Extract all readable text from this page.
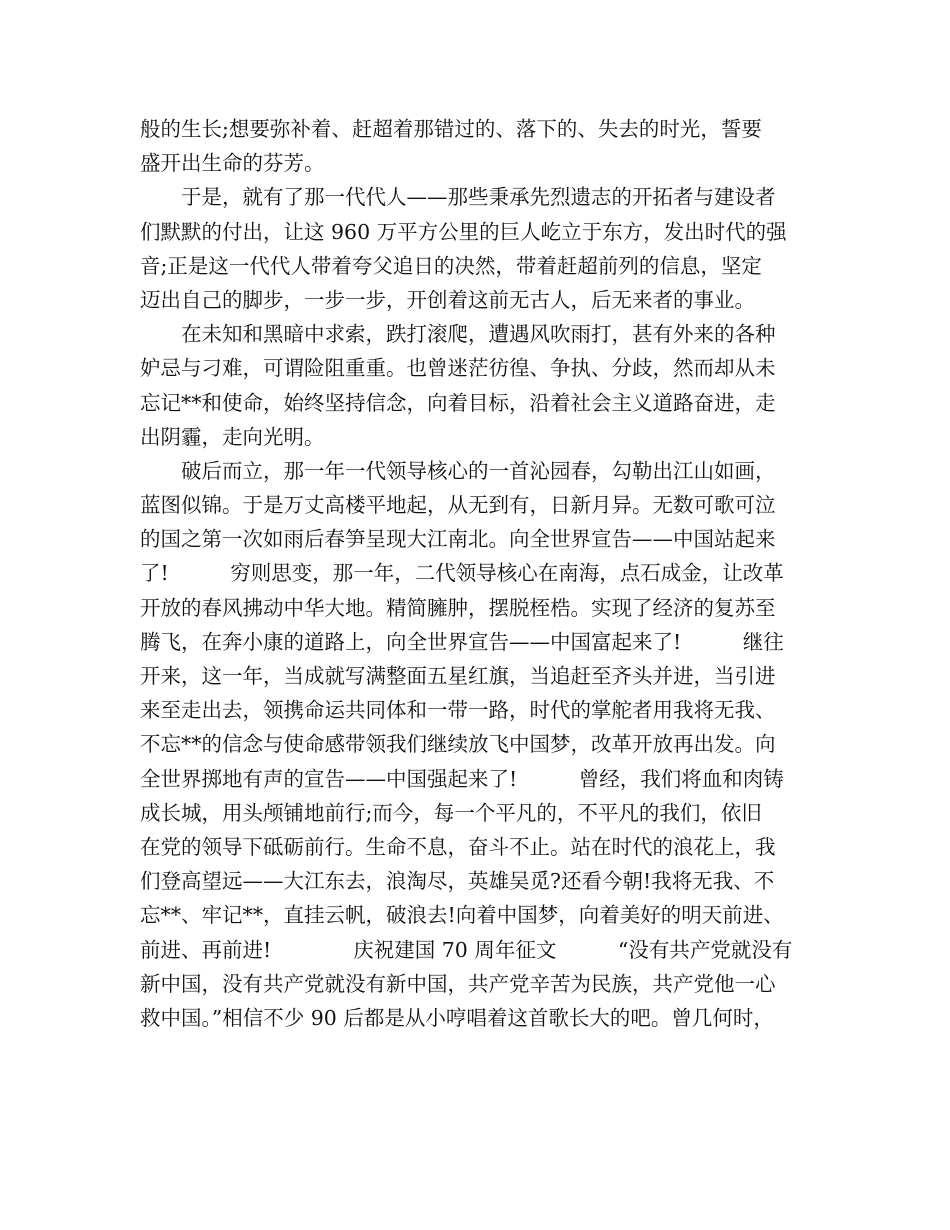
般的生长;想要弥补着、赶超着那错过的、落下的、失去的时光，誓要
盛开出生命的芬芳。
　　于是，就有了那一代代人——那些秉承先烈遗志的开拓者与建设者
们默默的付出，让这 960 万平方公里的巨人屹立于东方，发出时代的强
音;正是这一代代人带着夸父追日的决然，带着赶超前列的信息，坚定
迈出自己的脚步，一步一步，开创着这前无古人，后无来者的事业。
　　在未知和黑暗中求索，跌打滚爬，遭遇风吹雨打，甚有外来的各种
妒忌与刁难，可谓险阻重重。也曾迷茫彷徨、争执、分歧，然而却从未
忘记**和使命，始终坚持信念，向着目标，沿着社会主义道路奋进，走
出阴霾，走向光明。
　　破后而立，那一年一代领导核心的一首沁园春，勾勒出江山如画，
蓝图似锦。于是万丈高楼平地起，从无到有，日新月异。无数可歌可泣
的国之第一次如雨后春笋呈现大江南北。向全世界宣告——中国站起来
了!　　　穷则思变，那一年，二代领导核心在南海，点石成金，让改革
开放的春风拂动中华大地。精简臃肿，摆脱桎梏。实现了经济的复苏至
腾飞，在奔小康的道路上，向全世界宣告——中国富起来了!　　　继往
开来，这一年，当成就写满整面五星红旗，当追赶至齐头并进，当引进
来至走出去，领携命运共同体和一带一路，时代的掌舵者用我将无我、
不忘**的信念与使命感带领我们继续放飞中国梦，改革开放再出发。向
全世界掷地有声的宣告——中国强起来了!　　　曾经，我们将血和肉铸
成长城，用头颅铺地前行;而今，每一个平凡的，不平凡的我们，依旧
在党的领导下砥砺前行。生命不息，奋斗不止。站在时代的浪花上，我
们登高望远——大江东去，浪淘尽，英雄吴觅?还看今朝!我将无我、不
忘**、牢记**，直挂云帆，破浪去!向着中国梦，向着美好的明天前进、
前进、再前进!　　　　庆祝建国 70 周年征文　　　“没有共产党就没有
新中国，没有共产党就没有新中国，共产党辛苦为民族，共产党他一心
救中国。”相信不少 90 后都是从小哼唱着这首歌长大的吧。曾几何时，
